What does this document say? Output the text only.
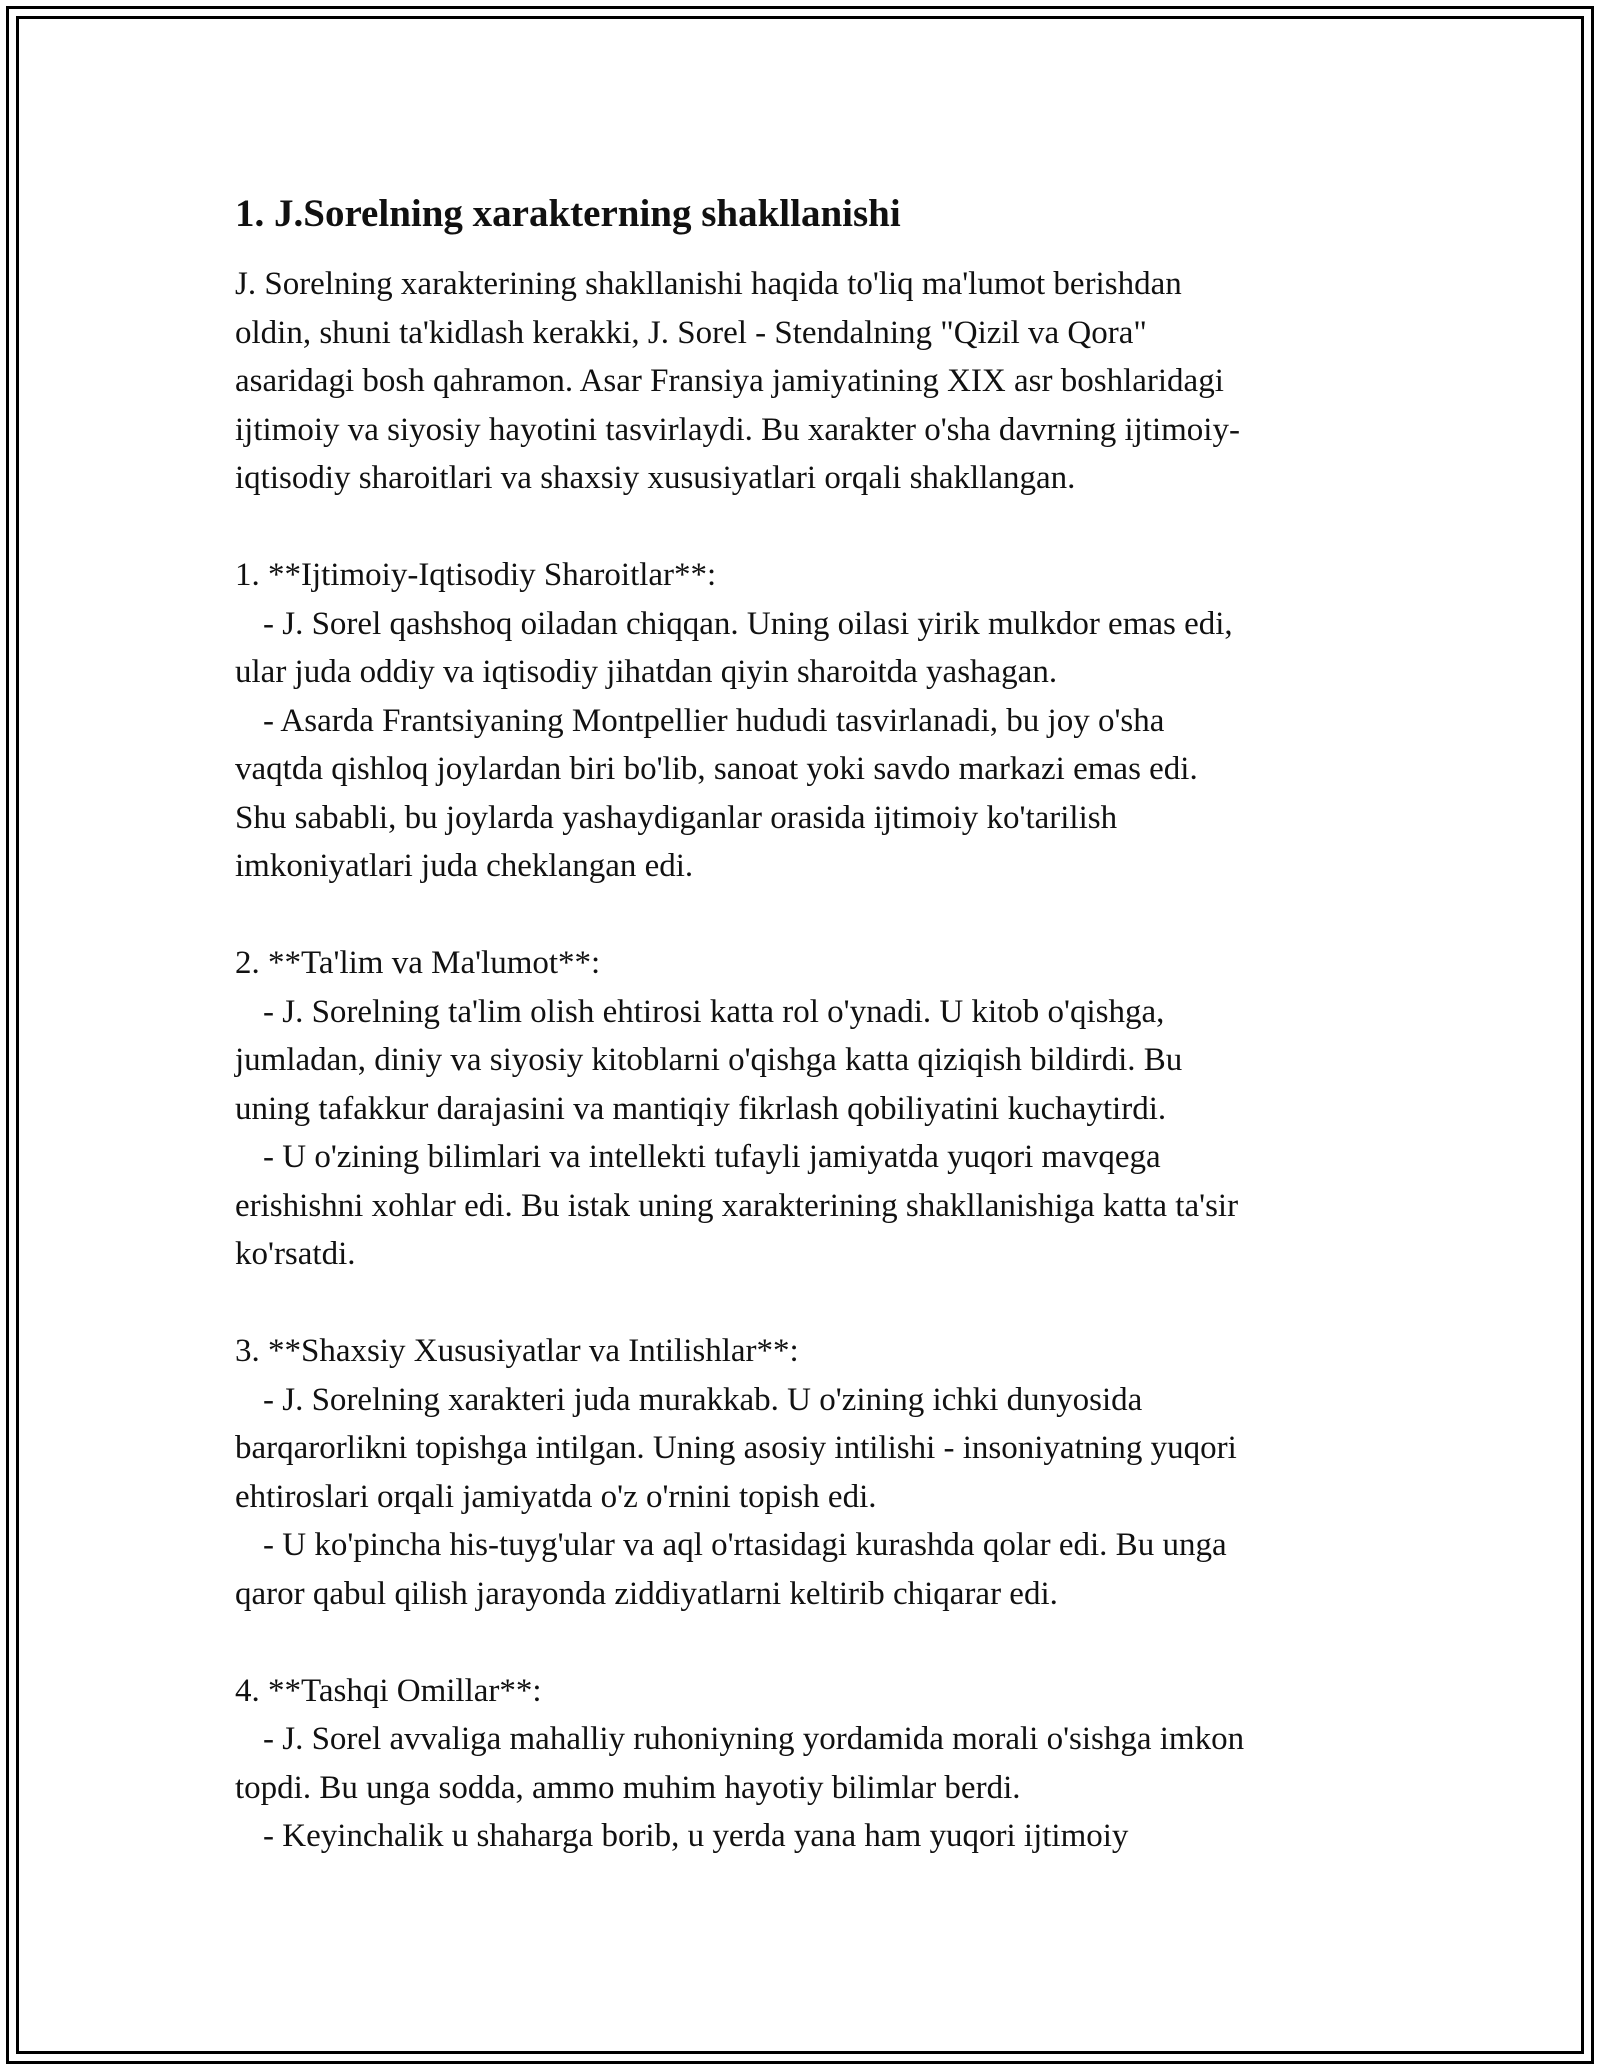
1. J.Sorelning xarakterning shakllanishi
J. Sorelning xarakterining shakllanishi haqida to'liq ma'lumot berishdan
oldin, shuni ta'kidlash kerakki, J. Sorel - Stendalning "Qizil va Qora"
asaridagi bosh qahramon. Asar Fransiya jamiyatining XIX asr boshlaridagi
ijtimoiy va siyosiy hayotini tasvirlaydi. Bu xarakter o'sha davrning ijtimoiy-
iqtisodiy sharoitlari va shaxsiy xususiyatlari orqali shakllangan.
1. **Ijtimoiy-Iqtisodiy Sharoitlar**:
- J. Sorel qashshoq oiladan chiqqan. Uning oilasi yirik mulkdor emas edi,
ular juda oddiy va iqtisodiy jihatdan qiyin sharoitda yashagan.
- Asarda Frantsiyaning Montpellier hududi tasvirlanadi, bu joy o'sha
vaqtda qishloq joylardan biri bo'lib, sanoat yoki savdo markazi emas edi.
Shu sababli, bu joylarda yashaydiganlar orasida ijtimoiy ko'tarilish
imkoniyatlari juda cheklangan edi.
2. **Ta'lim va Ma'lumot**:
- J. Sorelning ta'lim olish ehtirosi katta rol o'ynadi. U kitob o'qishga,
jumladan, diniy va siyosiy kitoblarni o'qishga katta qiziqish bildirdi. Bu
uning tafakkur darajasini va mantiqiy fikrlash qobiliyatini kuchaytirdi.
- U o'zining bilimlari va intellekti tufayli jamiyatda yuqori mavqega
erishishni xohlar edi. Bu istak uning xarakterining shakllanishiga katta ta'sir
ko'rsatdi.
3. **Shaxsiy Xususiyatlar va Intilishlar**:
- J. Sorelning xarakteri juda murakkab. U o'zining ichki dunyosida
barqarorlikni topishga intilgan. Uning asosiy intilishi - insoniyatning yuqori
ehtiroslari orqali jamiyatda o'z o'rnini topish edi.
- U ko'pincha his-tuyg'ular va aql o'rtasidagi kurashda qolar edi. Bu unga
qaror qabul qilish jarayonda ziddiyatlarni keltirib chiqarar edi.
4. **Tashqi Omillar**:
- J. Sorel avvaliga mahalliy ruhoniyning yordamida morali o'sishga imkon
topdi. Bu unga sodda, ammo muhim hayotiy bilimlar berdi.
- Keyinchalik u shaharga borib, u yerda yana ham yuqori ijtimoiy
